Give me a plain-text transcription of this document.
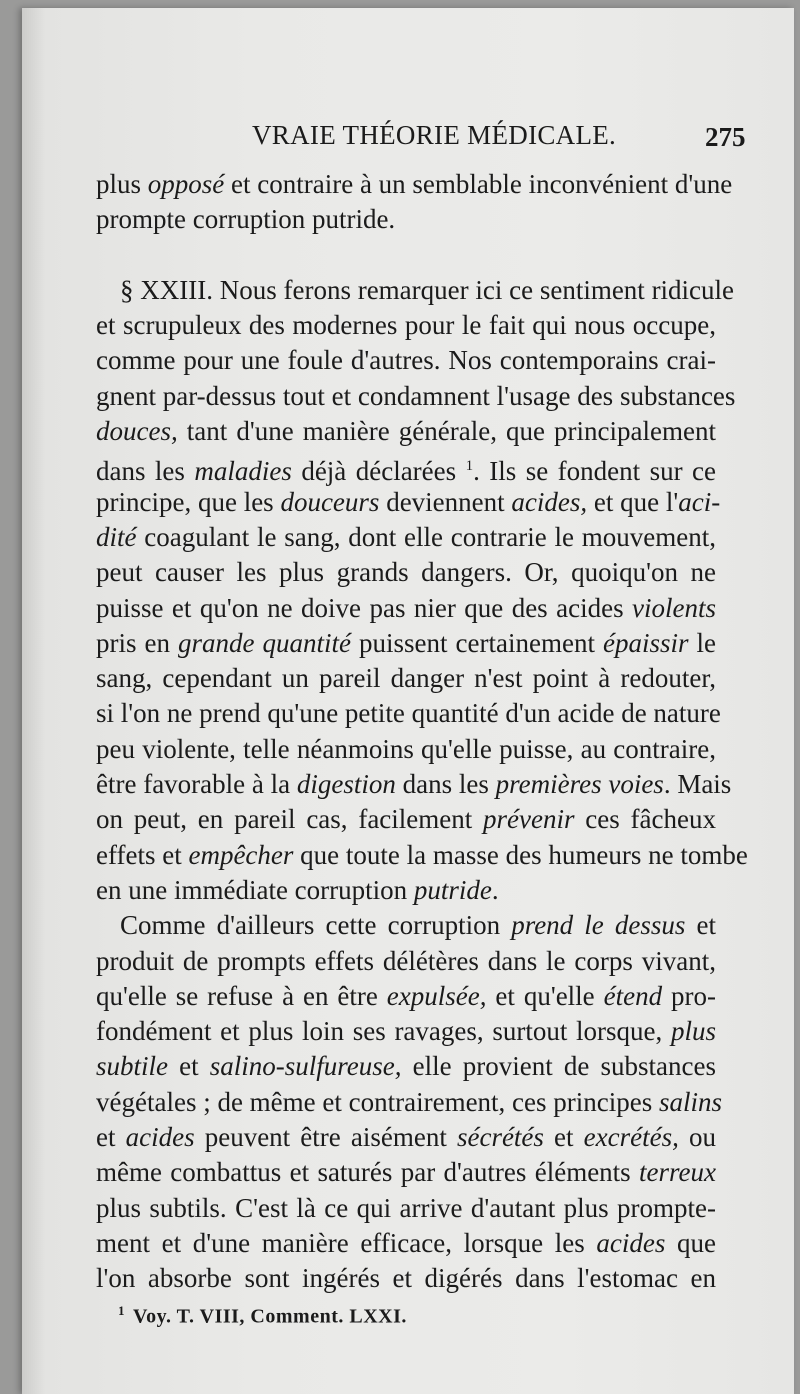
VRAIE THÉORIE MÉDICALE.	275
plus opposé et contraire à un semblable inconvénient d'une
prompte corruption putride.
§ XXIII. Nous ferons remarquer ici ce sentiment ridicule
et scrupuleux des modernes pour le fait qui nous occupe,
comme pour une foule d'autres. Nos contemporains crai-
gnent par-dessus tout et condamnent l'usage des substances
douces, tant d'une manière générale, que principalement
dans les maladies déjà déclarées $^1$. Ils se fondent sur ce
principe, que les douceurs deviennent acides, et que l'aci-
dité coagulant le sang, dont elle contrarie le mouvement,
peut causer les plus grands dangers. Or, quoiqu'on ne
puisse et qu'on ne doive pas nier que des acides violents
pris en grande quantité puissent certainement épaissir le
sang, cependant un pareil danger n'est point à redouter,
si l'on ne prend qu'une petite quantité d'un acide de nature
peu violente, telle néanmoins qu'elle puisse, au contraire,
être favorable à la digestion dans les premières voies. Mais
on peut, en pareil cas, facilement prévenir ces fâcheux
effets et empêcher que toute la masse des humeurs ne tombe
en une immédiate corruption putride.
Comme d'ailleurs cette corruption prend le dessus et
produit de prompts effets délétères dans le corps vivant,
qu'elle se refuse à en être expulsée, et qu'elle étend pro-
fondément et plus loin ses ravages, surtout lorsque, plus
subtile et salino-sulfureuse, elle provient de substances
végétales ; de même et contrairement, ces principes salins
et acides peuvent être aisément sécrétés et excrétés, ou
même combattus et saturés par d'autres éléments terreux
plus subtils. C'est là ce qui arrive d'autant plus prompte-
ment et d'une manière efficace, lorsque les acides que
l'on absorbe sont ingérés et digérés dans l'estomac en
$^1$ Voy. T. VIII, Comment. LXXI.
